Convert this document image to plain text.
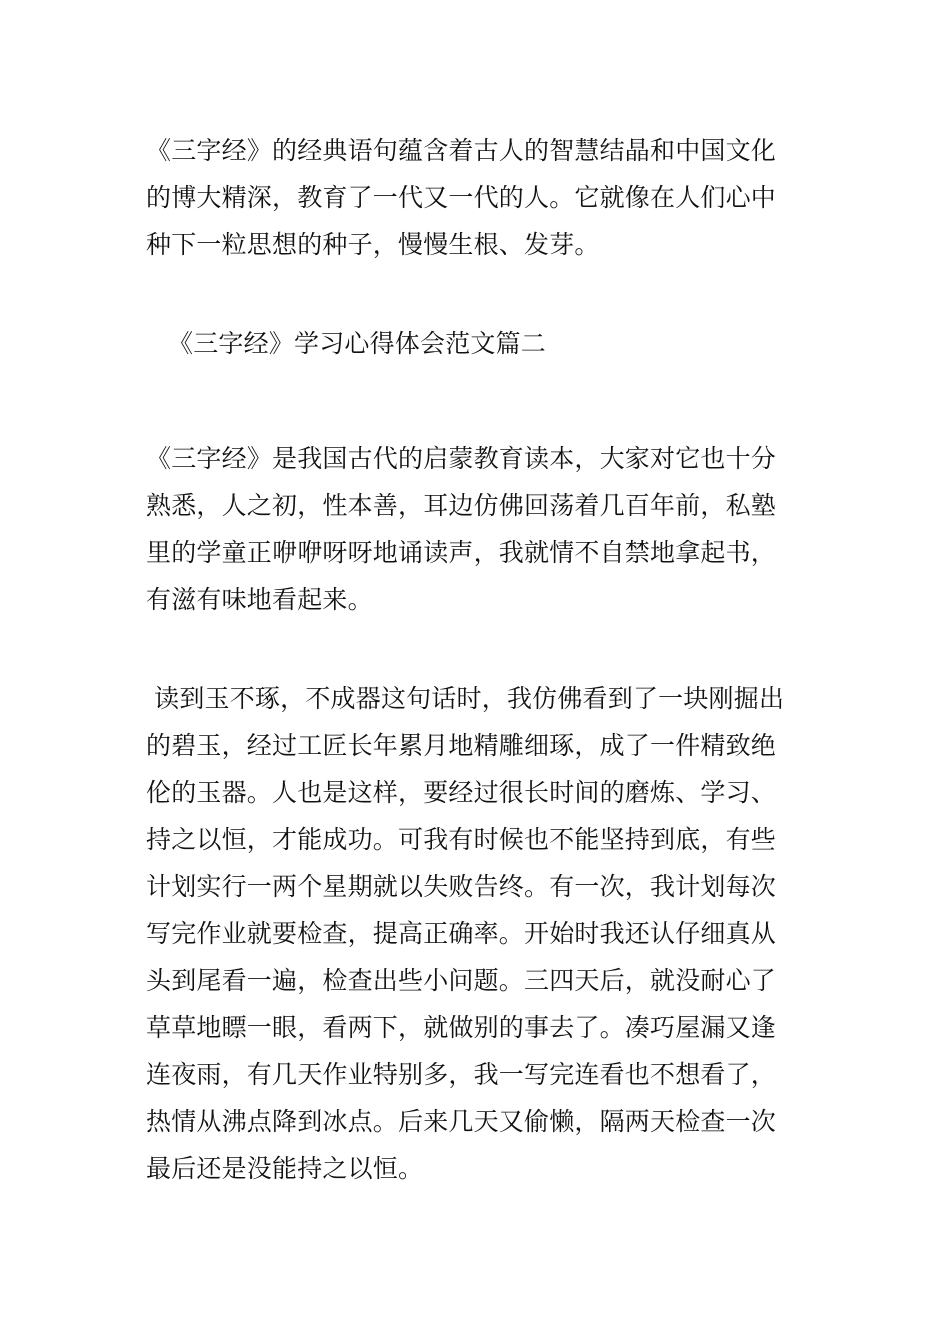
《三字经》的经典语句蕴含着古人的智慧结晶和中国文化
的博大精深，教育了一代又一代的人。它就像在人们心中
种下一粒思想的种子，慢慢生根、发芽。
《三字经》学习心得体会范文篇二
《三字经》是我国古代的启蒙教育读本，大家对它也十分
熟悉，人之初，性本善，耳边仿佛回荡着几百年前，私塾
里的学童正咿咿呀呀地诵读声，我就情不自禁地拿起书，
有滋有味地看起来。
读到玉不琢，不成器这句话时，我仿佛看到了一块刚掘出
的碧玉，经过工匠长年累月地精雕细琢，成了一件精致绝
伦的玉器。人也是这样，要经过很长时间的磨炼、学习、
持之以恒，才能成功。可我有时候也不能坚持到底，有些
计划实行一两个星期就以失败告终。有一次，我计划每次
写完作业就要检查，提高正确率。开始时我还认仔细真从
头到尾看一遍，检查出些小问题。三四天后，就没耐心了
草草地瞟一眼，看两下，就做别的事去了。凑巧屋漏又逢
连夜雨，有几天作业特别多，我一写完连看也不想看了，
热情从沸点降到冰点。后来几天又偷懒，隔两天检查一次
最后还是没能持之以恒。
